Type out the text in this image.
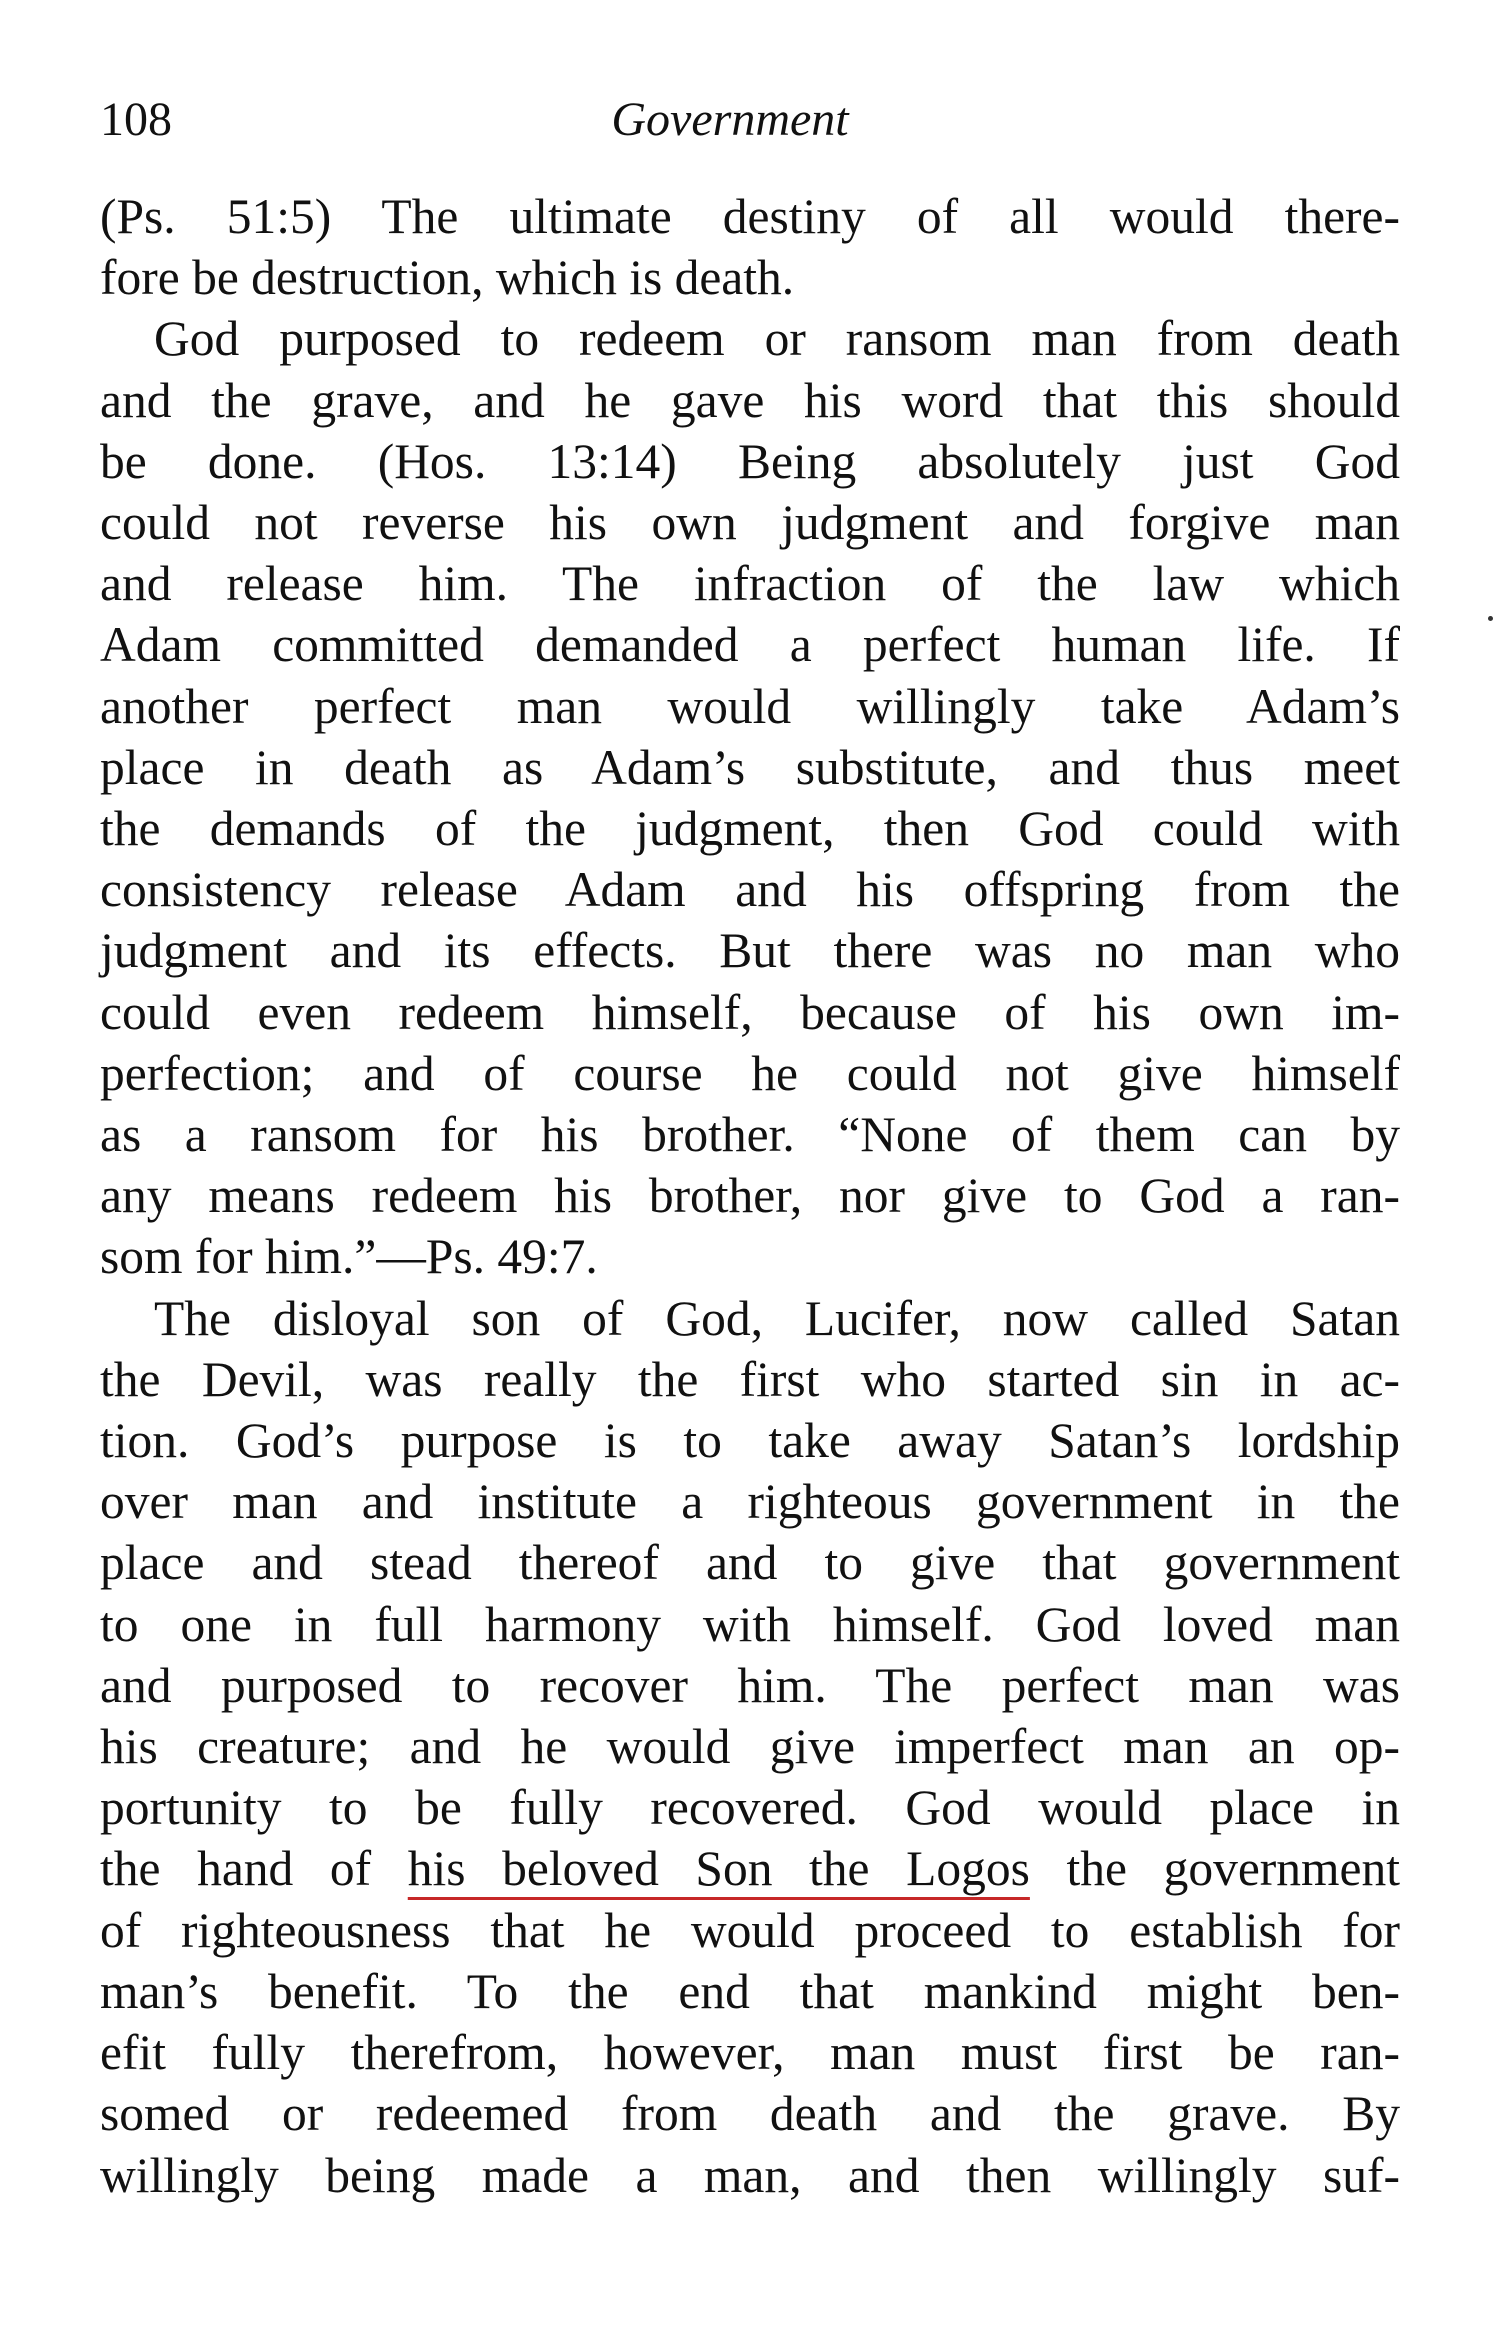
108	Government
(Ps. 51:5) The ultimate destiny of all would there-
fore be destruction, which is death.
God purposed to redeem or ransom man from death
and the grave, and he gave his word that this should
be done. (Hos. 13:14) Being absolutely just God
could not reverse his own judgment and forgive man
and release him. The infraction of the law which
Adam committed demanded a perfect human life. If
another perfect man would willingly take Adam’s
place in death as Adam’s substitute, and thus meet
the demands of the judgment, then God could with
consistency release Adam and his offspring from the
judgment and its effects. But there was no man who
could even redeem himself, because of his own im-
perfection; and of course he could not give himself
as a ransom for his brother. “None of them can by
any means redeem his brother, nor give to God a ran-
som for him.”—Ps. 49:7.
The disloyal son of God, Lucifer, now called Satan
the Devil, was really the first who started sin in ac-
tion. God’s purpose is to take away Satan’s lordship
over man and institute a righteous government in the
place and stead thereof and to give that government
to one in full harmony with himself. God loved man
and purposed to recover him. The perfect man was
his creature; and he would give imperfect man an op-
portunity to be fully recovered. God would place in
the hand of his beloved Son the Logos the government
of righteousness that he would proceed to establish for
man’s benefit. To the end that mankind might ben-
efit fully therefrom, however, man must first be ran-
somed or redeemed from death and the grave. By
willingly being made a man, and then willingly suf-
